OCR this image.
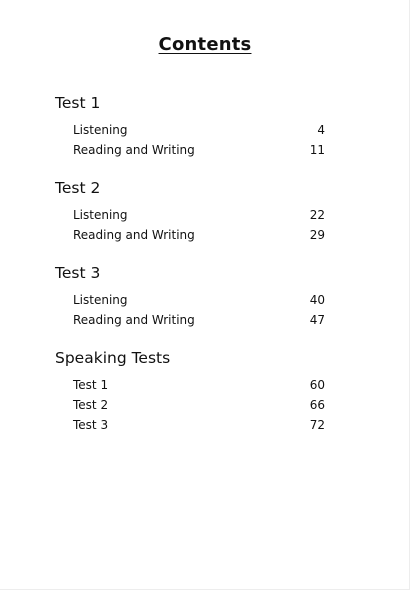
Contents
Test 1
Listening	4
Reading and Writing	11
Test 2
Listening	22
Reading and Writing	29
Test 3
Listening	40
Reading and Writing	47
Speaking Tests
Test 1	60
Test 2	66
Test 3	72
